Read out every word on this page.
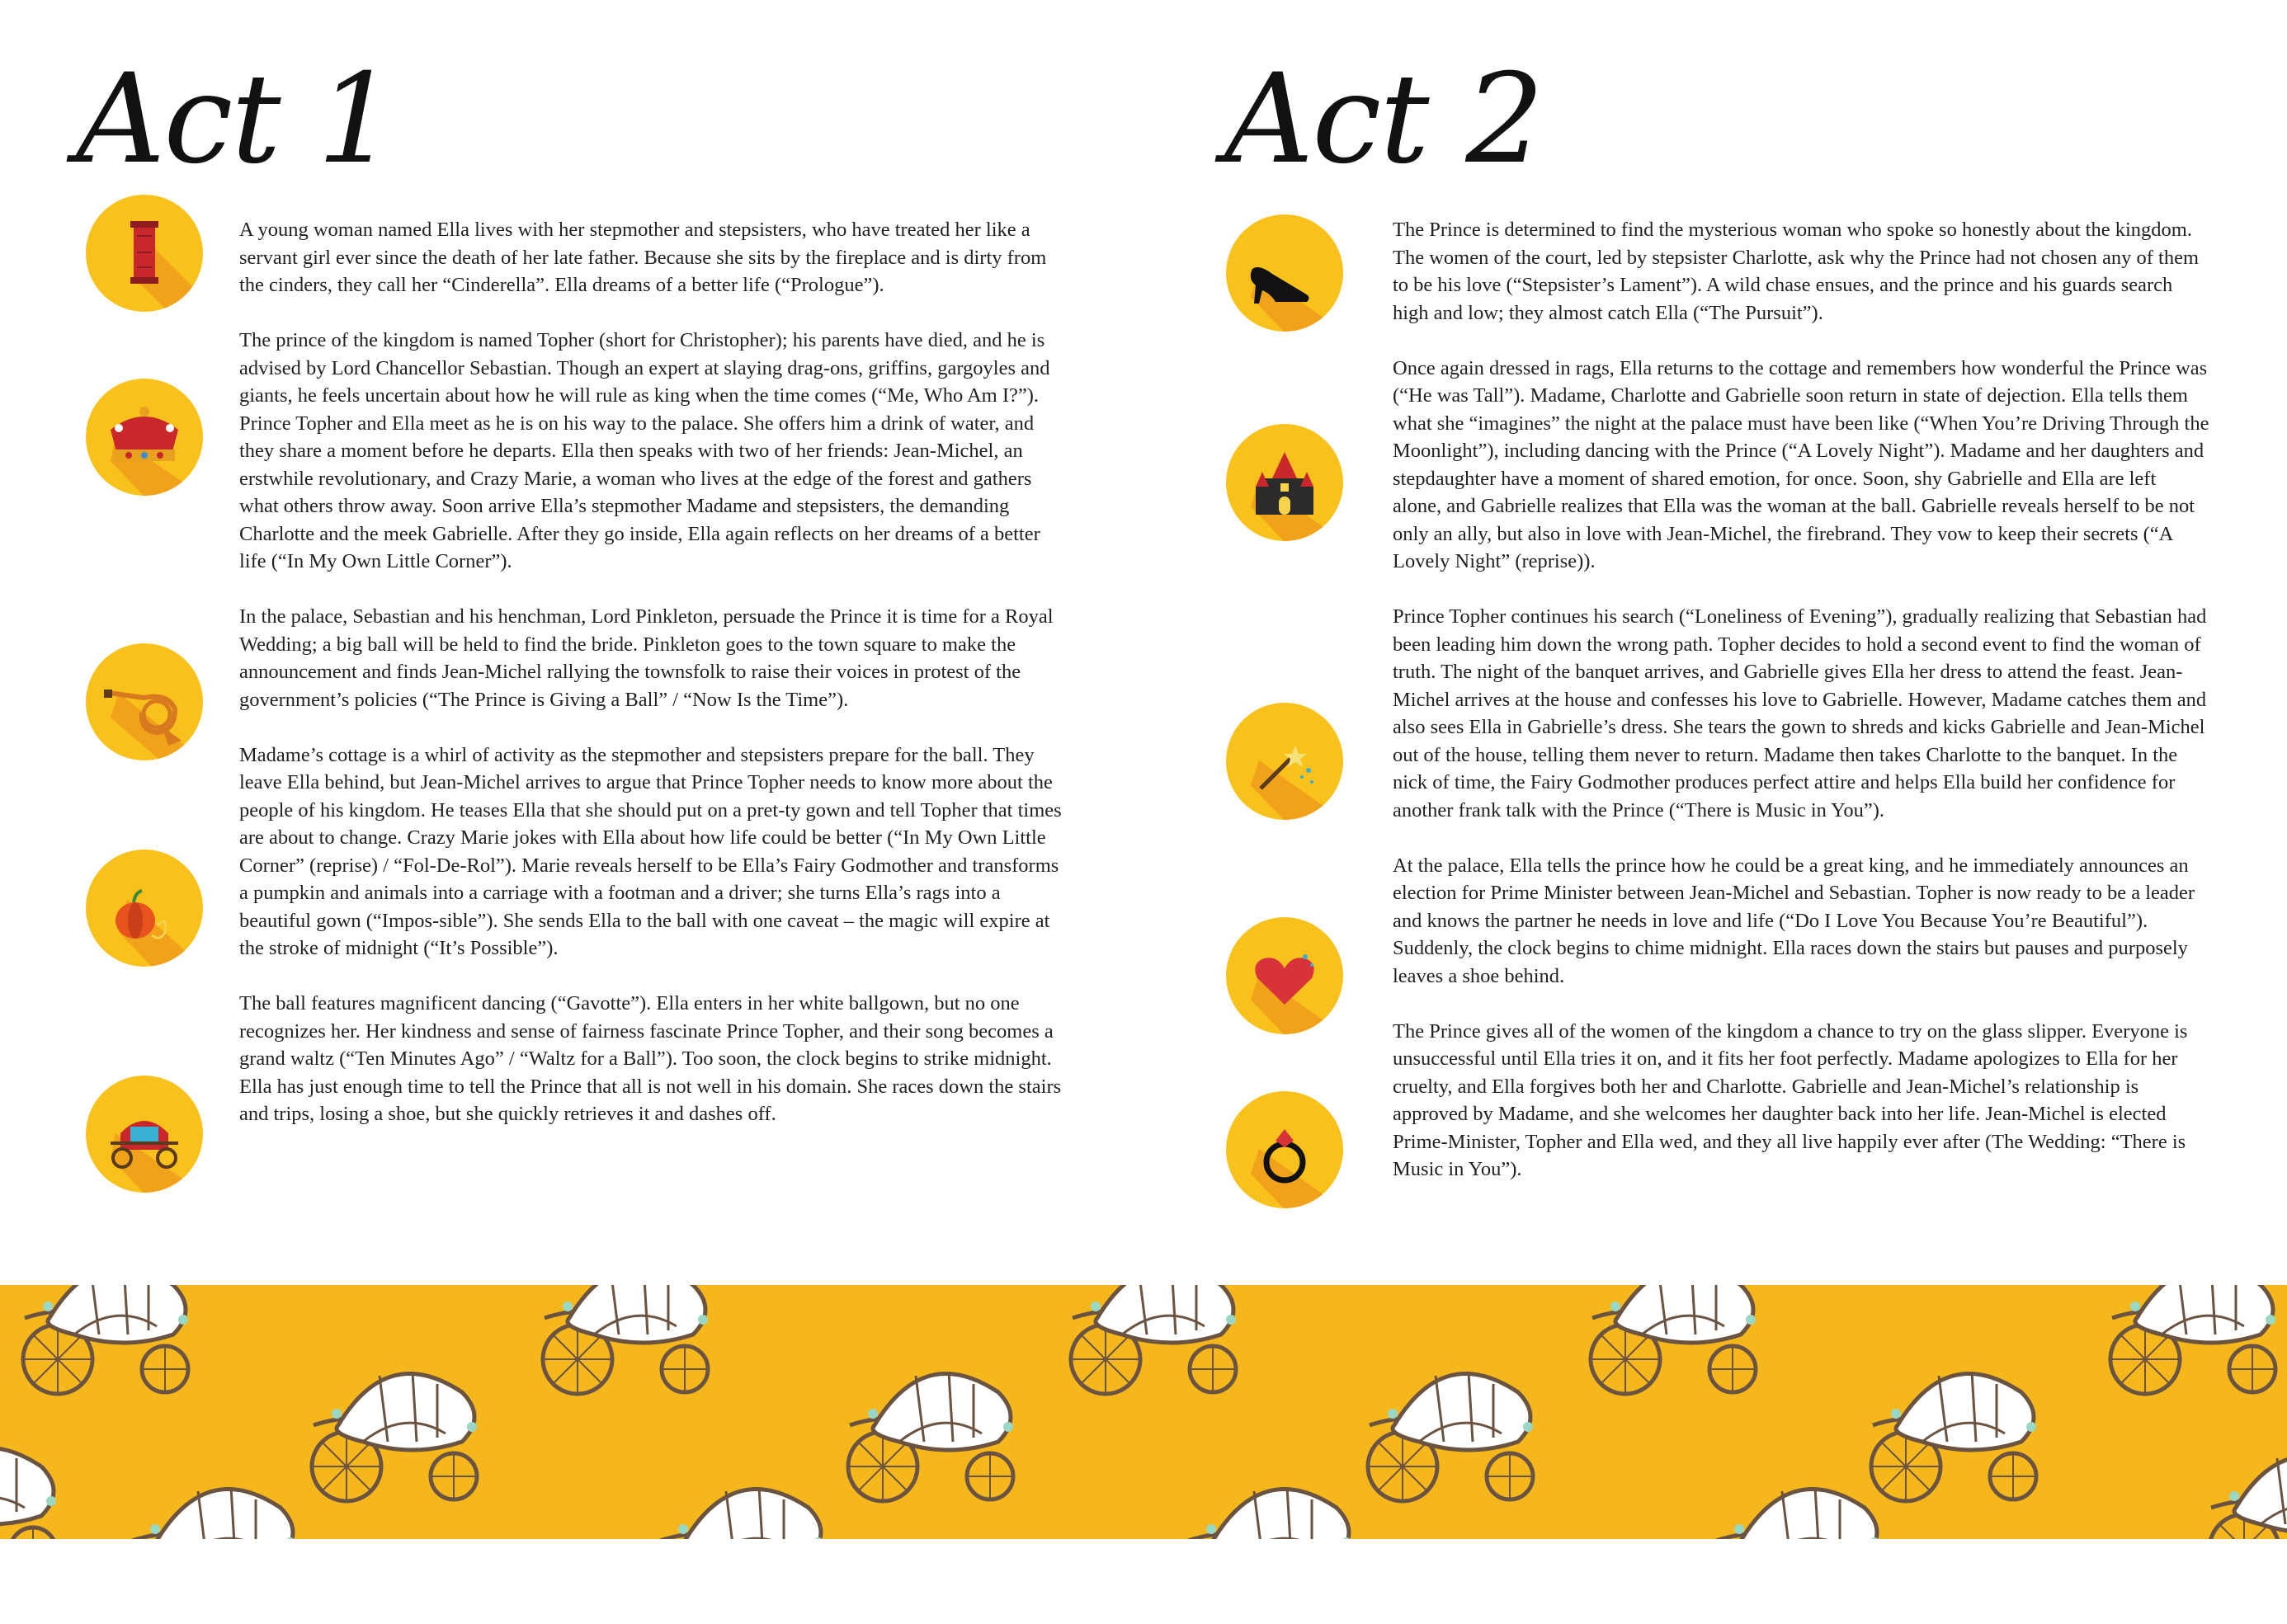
Act 1	Act 2

A young woman named Ella lives with her stepmother and stepsisters, who have treated her like a servant girl ever since the death of her late father. Because she sits by the fireplace and is dirty from the cinders, they call her “Cinderella”. Ella dreams of a better life (“Prologue”).

The prince of the kingdom is named Topher (short for Christopher); his parents have died, and he is advised by Lord Chancellor Sebastian. Though an expert at slaying drag-ons, griffins, gargoyles and giants, he feels uncertain about how he will rule as king when the time comes (“Me, Who Am I?”). Prince Topher and Ella meet as he is on his way to the palace. She offers him a drink of water, and they share a moment before he departs. Ella then speaks with two of her friends: Jean-Michel, an erstwhile revolutionary, and Crazy Marie, a woman who lives at the edge of the forest and gathers what others throw away. Soon arrive Ella’s stepmother Madame and stepsisters, the demanding Charlotte and the meek Gabrielle. After they go inside, Ella again reflects on her dreams of a better life (“In My Own Little Corner”).

In the palace, Sebastian and his henchman, Lord Pinkleton, persuade the Prince it is time for a Royal Wedding; a big ball will be held to find the bride. Pinkleton goes to the town square to make the announcement and finds Jean-Michel rallying the townsfolk to raise their voices in protest of the government’s policies (“The Prince is Giving a Ball” / “Now Is the Time”).

Madame’s cottage is a whirl of activity as the stepmother and stepsisters prepare for the ball. They leave Ella behind, but Jean-Michel arrives to argue that Prince Topher needs to know more about the people of his kingdom. He teases Ella that she should put on a pret-ty gown and tell Topher that times are about to change. Crazy Marie jokes with Ella about how life could be better (“In My Own Little Corner” (reprise) / “Fol-De-Rol”). Marie reveals herself to be Ella’s Fairy Godmother and transforms a pumpkin and animals into a carriage with a footman and a driver; she turns Ella’s rags into a beautiful gown (“Impos-sible”). She sends Ella to the ball with one caveat – the magic will expire at the stroke of midnight (“It’s Possible”).

The ball features magnificent dancing (“Gavotte”). Ella enters in her white ballgown, but no one recognizes her. Her kindness and sense of fairness fascinate Prince Topher, and their song becomes a grand waltz (“Ten Minutes Ago” / “Waltz for a Ball”). Too soon, the clock begins to strike midnight. Ella has just enough time to tell the Prince that all is not well in his domain. She races down the stairs and trips, losing a shoe, but she quickly retrieves it and dashes off.

The Prince is determined to find the mysterious woman who spoke so honestly about the kingdom. The women of the court, led by stepsister Charlotte, ask why the Prince had not chosen any of them to be his love (“Stepsister’s Lament”). A wild chase ensues, and the prince and his guards search high and low; they almost catch Ella (“The Pursuit”).

Once again dressed in rags, Ella returns to the cottage and remembers how wonderful the Prince was (“He was Tall”). Madame, Charlotte and Gabrielle soon return in state of dejection. Ella tells them what she “imagines” the night at the palace must have been like (“When You’re Driving Through the Moonlight”), including dancing with the Prince (“A Lovely Night”). Madame and her daughters and stepdaughter have a moment of shared emotion, for once. Soon, shy Gabrielle and Ella are left alone, and Gabrielle realizes that Ella was the woman at the ball. Gabrielle reveals herself to be not only an ally, but also in love with Jean-Michel, the firebrand. They vow to keep their secrets (“A Lovely Night” (reprise)).

Prince Topher continues his search (“Loneliness of Evening”), gradually realizing that Sebastian had been leading him down the wrong path. Topher decides to hold a second event to find the woman of truth. The night of the banquet arrives, and Gabrielle gives Ella her dress to attend the feast. Jean-Michel arrives at the house and confesses his love to Gabrielle. However, Madame catches them and also sees Ella in Gabrielle’s dress. She tears the gown to shreds and kicks Gabrielle and Jean-Michel out of the house, telling them never to return. Madame then takes Charlotte to the banquet. In the nick of time, the Fairy Godmother produces perfect attire and helps Ella build her confidence for another frank talk with the Prince (“There is Music in You”).

At the palace, Ella tells the prince how he could be a great king, and he immediately announces an election for Prime Minister between Jean-Michel and Sebastian. Topher is now ready to be a leader and knows the partner he needs in love and life (“Do I Love You Because You’re Beautiful”). Suddenly, the clock begins to chime midnight. Ella races down the stairs but pauses and purposely leaves a shoe behind.

The Prince gives all of the women of the kingdom a chance to try on the glass slipper. Everyone is unsuccessful until Ella tries it on, and it fits her foot perfectly. Madame apologizes to Ella for her cruelty, and Ella forgives both her and Charlotte. Gabrielle and Jean-Michel’s relationship is approved by Madame, and she welcomes her daughter back into her life. Jean-Michel is elected Prime-Minister, Topher and Ella wed, and they all live happily ever after (The Wedding: “There is Music in You”).
